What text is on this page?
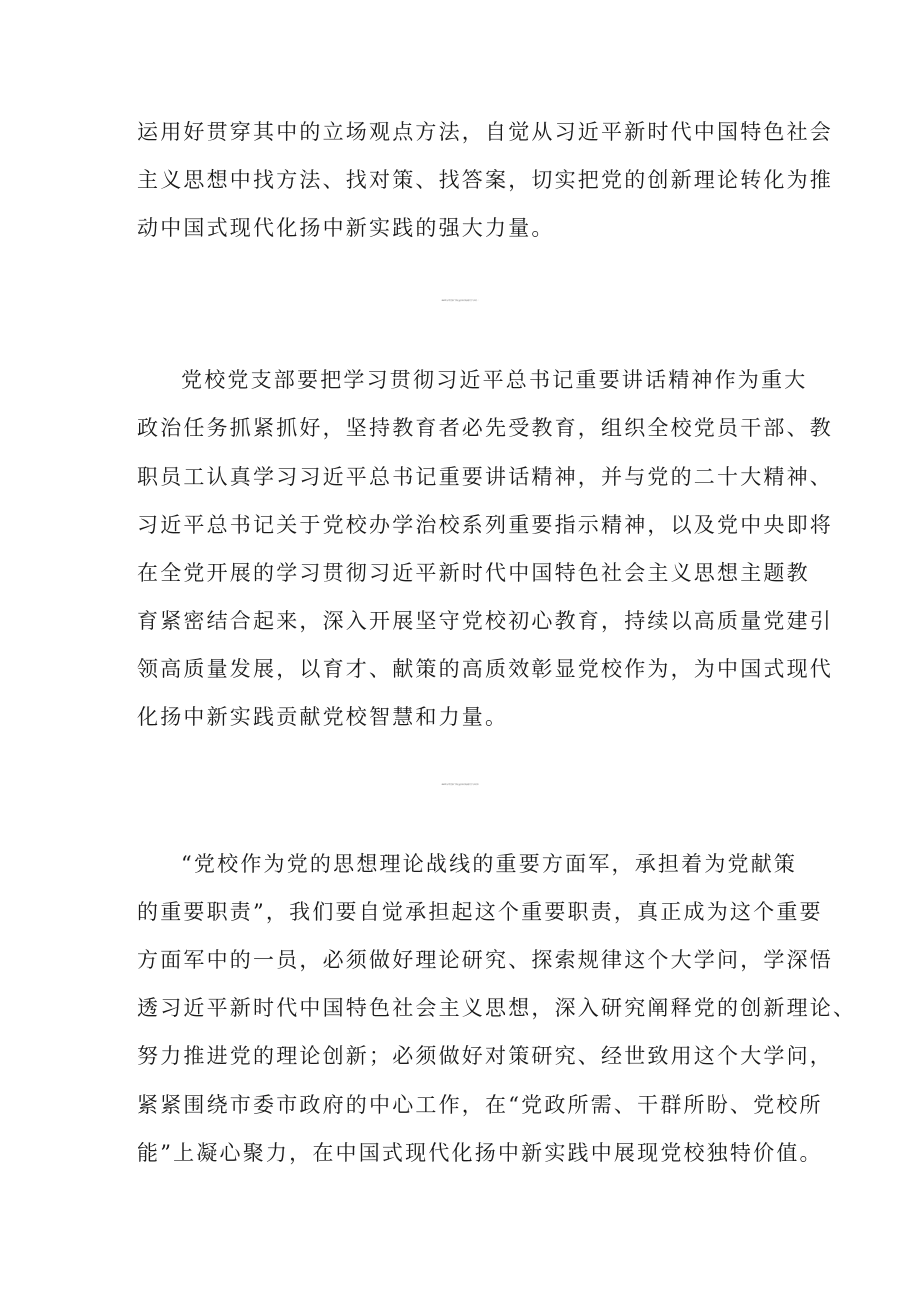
运用好贯穿其中的立场观点方法，自觉从习近平新时代中国特色社会
主义思想中找方法、找对策、找答案，切实把党的创新理论转化为推
动中国式现代化扬中新实践的强大力量。
2023年春季学期开学典礼重要讲话高校领导学习心得三
党校党支部要把学习贯彻习近平总书记重要讲话精神作为重大
政治任务抓紧抓好，坚持教育者必先受教育，组织全校党员干部、教
职员工认真学习习近平总书记重要讲话精神，并与党的二十大精神、
习近平总书记关于党校办学治校系列重要指示精神，以及党中央即将
在全党开展的学习贯彻习近平新时代中国特色社会主义思想主题教
育紧密结合起来，深入开展坚守党校初心教育，持续以高质量党建引
领高质量发展，以育才、献策的高质效彰显党校作为，为中国式现代
化扬中新实践贡献党校智慧和力量。
2023年春季学期开学典礼重要讲话高校领导学习心得四
“党校作为党的思想理论战线的重要方面军，承担着为党献策
的重要职责”，我们要自觉承担起这个重要职责，真正成为这个重要
方面军中的一员，必须做好理论研究、探索规律这个大学问，学深悟
透习近平新时代中国特色社会主义思想，深入研究阐释党的创新理论、
努力推进党的理论创新；必须做好对策研究、经世致用这个大学问，
紧紧围绕市委市政府的中心工作，在“党政所需、干群所盼、党校所
能”上凝心聚力，在中国式现代化扬中新实践中展现党校独特价值。
